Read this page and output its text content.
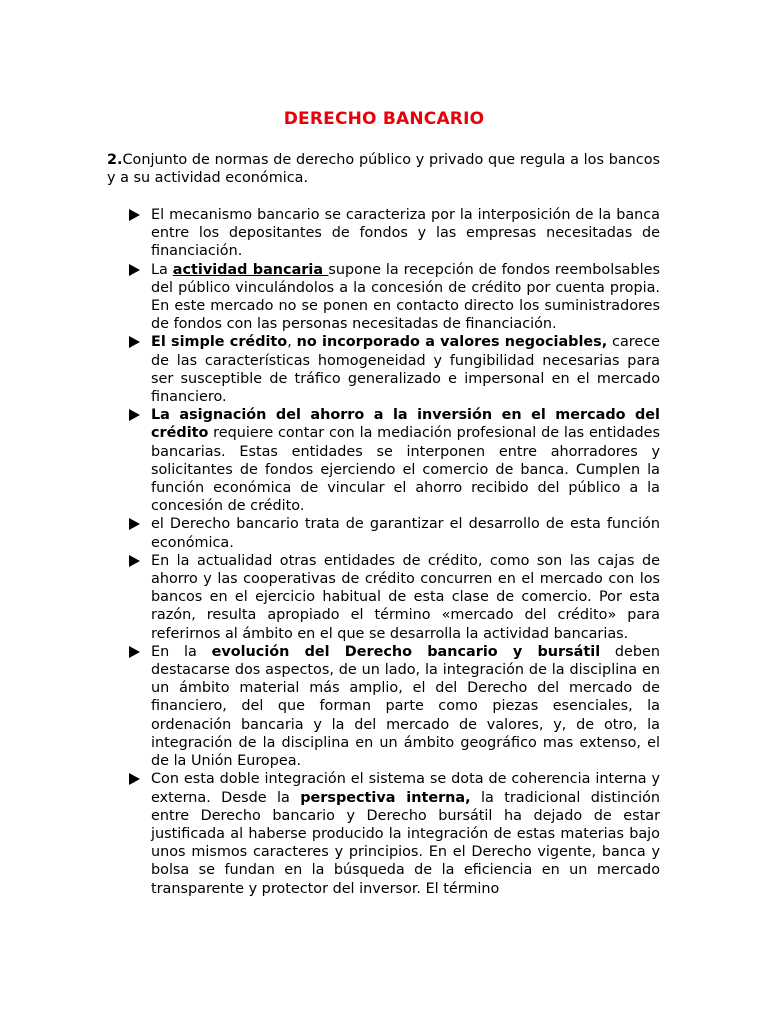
DERECHO BANCARIO

2.Conjunto de normas de derecho público y privado que regula a los bancos y a su actividad económica.

El mecanismo bancario se caracteriza por la interposición de la banca entre los depositantes de fondos y las empresas necesitadas de financiación.
La actividad bancaria supone la recepción de fondos reembolsables del público vinculándolos a la concesión de crédito por cuenta propia. En este mercado no se ponen en contacto directo los suministradores de fondos con las personas necesitadas de financiación.
El simple crédito, no incorporado a valores negociables, carece de las características homogeneidad y fungibilidad necesarias para ser susceptible de tráfico generalizado e impersonal en el mercado financiero.
La asignación del ahorro a la inversión en el mercado del crédito requiere contar con la mediación profesional de las entidades bancarias. Estas entidades se interponen entre ahorradores y solicitantes de fondos ejerciendo el comercio de banca. Cumplen la función económica de vincular el ahorro recibido del público a la concesión de crédito.
el Derecho bancario trata de garantizar el desarrollo de esta función económica.
En la actualidad otras entidades de crédito, como son las cajas de ahorro y las cooperativas de crédito concurren en el mercado con los bancos en el ejercicio habitual de esta clase de comercio. Por esta razón, resulta apropiado el término «mercado del crédito» para referirnos al ámbito en el que se desarrolla la actividad bancarias.
En la evolución del Derecho bancario y bursátil deben destacarse dos aspectos, de un lado, la integración de la disciplina en un ámbito material más amplio, el del Derecho del mercado de financiero, del que forman parte como piezas esenciales, la ordenación bancaria y la del mercado de valores, y, de otro, la integración de la disciplina en un ámbito geográfico mas extenso, el de la Unión Europea.
Con esta doble integración el sistema se dota de coherencia interna y externa. Desde la perspectiva interna, la tradicional distinción entre Derecho bancario y Derecho bursátil ha dejado de estar justificada al haberse producido la integración de estas materias bajo unos mismos caracteres y principios. En el Derecho vigente, banca y bolsa se fundan en la búsqueda de la eficiencia en un mercado transparente y protector del inversor. El término
